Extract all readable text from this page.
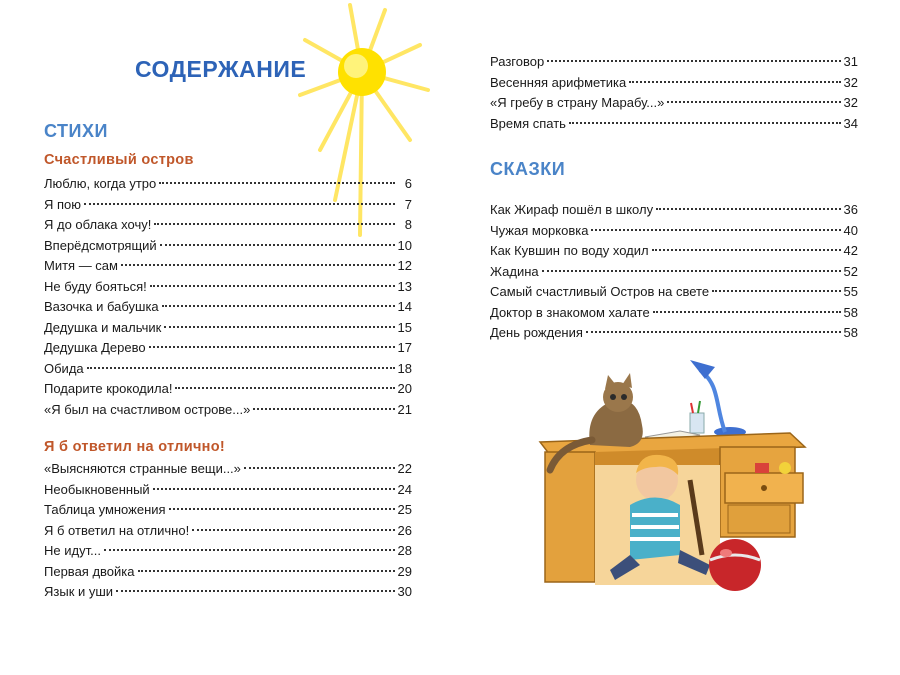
СОДЕРЖАНИЕ
СТИХИ
Счастливый остров
Люблю, когда утро	6
Я пою	7
Я до облака хочу!	8
Вперёдсмотрящий	10
Митя — сам	12
Не буду бояться!	13
Вазочка и бабушка	14
Дедушка и мальчик	15
Дедушка Дерево	17
Обида	18
Подарите крокодила!	20
«Я был на счастливом острове...»	21
Я б ответил на отлично!
«Выясняются странные вещи...»	22
Необыкновенный	24
Таблица умножения	25
Я б ответил на отлично!	26
Не идут...	28
Первая двойка	29
Язык и уши	30
Разговор	31
Весенняя арифметика	32
«Я гребу в страну Марабу...»	32
Время спать	34
СКАЗКИ
Как Жираф пошёл в школу	36
Чужая морковка	40
Как Кувшин по воду ходил	42
Жадина	52
Самый счастливый Остров на свете	55
Доктор в знакомом халате	58
День рождения	58
